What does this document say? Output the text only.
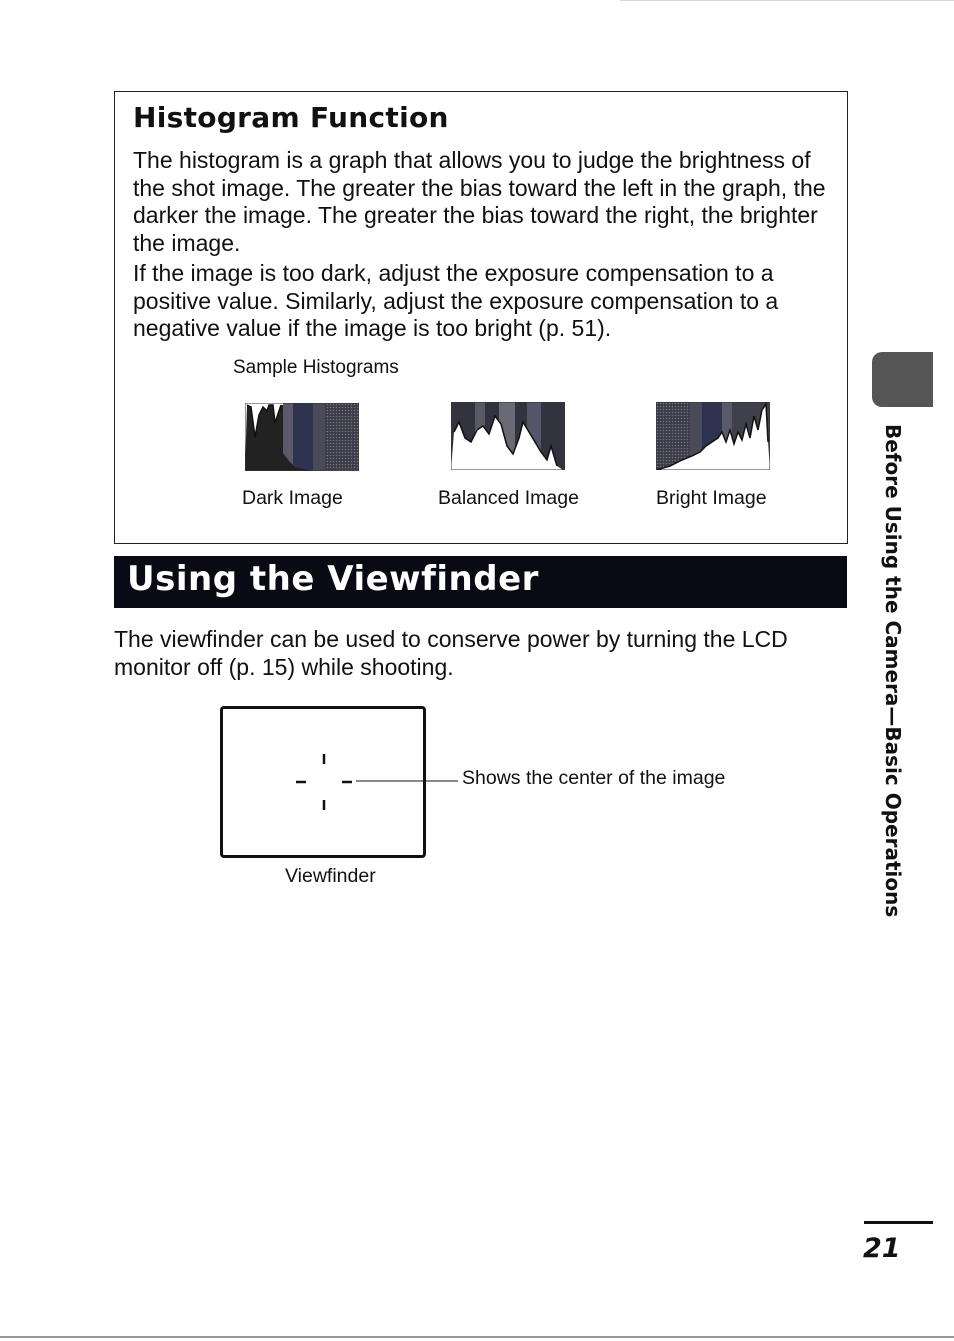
Histogram Function

The histogram is a graph that allows you to judge the brightness of the shot image. The greater the bias toward the left in the graph, the darker the image. The greater the bias toward the right, the brighter the image.

If the image is too dark, adjust the exposure compensation to a positive value. Similarly, adjust the exposure compensation to a negative value if the image is too bright (p. 51).

Sample Histograms
Dark Image	Balanced Image	Bright Image
Using the Viewfinder

The viewfinder can be used to conserve power by turning the LCD monitor off (p. 15) while shooting.

Shows the center of the image
Viewfinder	Before Using the Camera—Basic Operations
21
